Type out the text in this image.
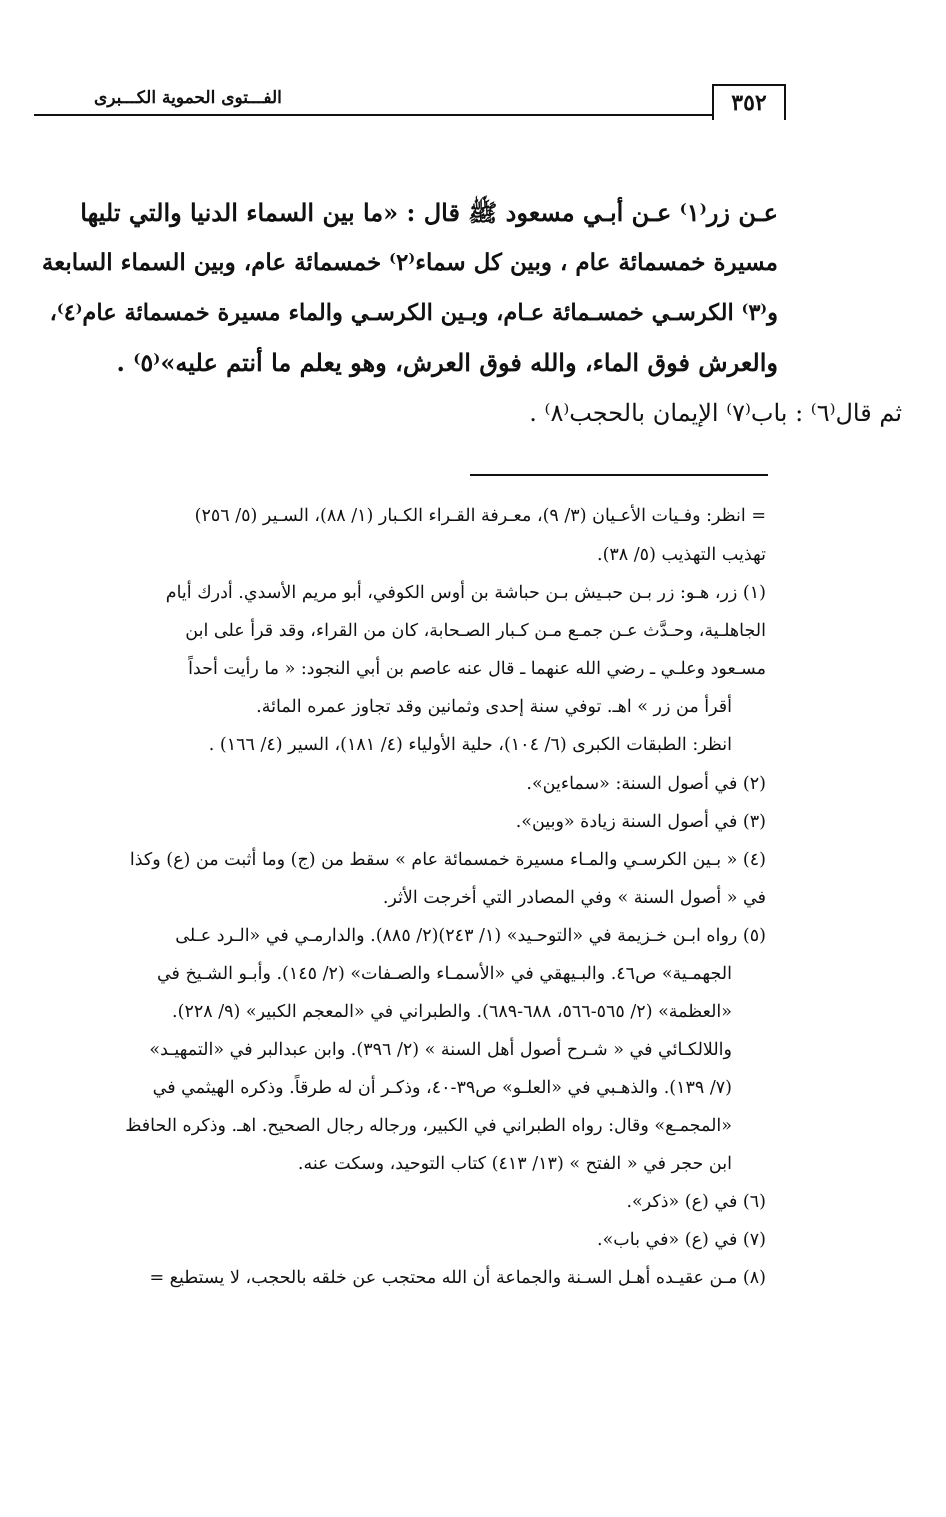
الفـــتوى الحموية الكـــبرى	٣٥٢
عـن زر⁽١⁾ عـن أبـي مسعود ﷺ قال : «ما بين السماء الدنيا والتي تليها
مسيرة خمسمائة عام ، وبين كل سماء⁽٢⁾ خمسمائة عام، وبين السماء السابعة
و⁽٣⁾ الكرسـي خمسـمائة عـام، وبـين الكرسـي والماء مسيرة خمسمائة عام⁽٤⁾،
والعرش فوق الماء، والله فوق العرش، وهو يعلم ما أنتم عليه»⁽٥⁾ .
ثم قال⁽٦⁾ : باب⁽٧⁾ الإيمان بالحجب⁽٨⁾ .
= انظر: وفـيات الأعـيان (٣/ ٩)، معـرفة القـراء الكـبار (١/ ٨٨)، السـير (٥/ ٢٥٦)
تهذيب التهذيب (٥/ ٣٨).
(١) زر، هـو: زر بـن حبـيش بـن حباشة بن أوس الكوفي، أبو مريم الأسدي. أدرك أيام
الجاهلـية، وحـدَّث عـن جمـع مـن كـبار الصـحابة، كان من القراء، وقد قرأ على ابن
مسـعود وعلـي ـ رضي الله عنهما ـ قال عنه عاصم بن أبي النجود: « ما رأيت أحداً
أقرأ من زر » اهـ. توفي سنة إحدى وثمانين وقد تجاوز عمره المائة.
انظر: الطبقات الكبرى (٦/ ١٠٤)، حلية الأولياء (٤/ ١٨١)، السير (٤/ ١٦٦) .
(٢) في أصول السنة: «سماءين».
(٣) في أصول السنة زيادة «وبين».
(٤) « بـين الكرسـي والمـاء مسيرة خمسمائة عام » سقط من (ج) وما أثبت من (ع) وكذا
في « أصول السنة » وفي المصادر التي أخرجت الأثر.
(٥) رواه ابـن خـزيمة في «التوحـيد» (١/ ٢٤٣)(٢/ ٨٨٥). والدارمـي في «الـرد عـلى
الجهمـية» ص٤٦. والبـيهقي في «الأسمـاء والصـفات» (٢/ ١٤٥). وأبـو الشـيخ في
«العظمة» (٢/ ٥٦٥-٥٦٦، ٦٨٨-٦٨٩). والطبراني في «المعجم الكبير» (٩/ ٢٢٨).
واللالكـائي في « شـرح أصول أهل السنة » (٢/ ٣٩٦). وابن عبدالبر في «التمهيـد»
(٧/ ١٣٩). والذهـبي في «العلـو» ص٣٩-٤٠، وذكـر أن له طرقاً. وذكره الهيثمي في
«المجمـع» وقال: رواه الطبراني في الكبير، ورجاله رجال الصحيح. اهـ. وذكره الحافظ
ابن حجر في « الفتح » (١٣/ ٤١٣) كتاب التوحيد، وسكت عنه.
(٦) في (ع) «ذكر».
(٧) في (ع) «في باب».
(٨) مـن عقيـده أهـل السـنة والجماعة أن الله محتجب عن خلقه بالحجب، لا يستطيع =
